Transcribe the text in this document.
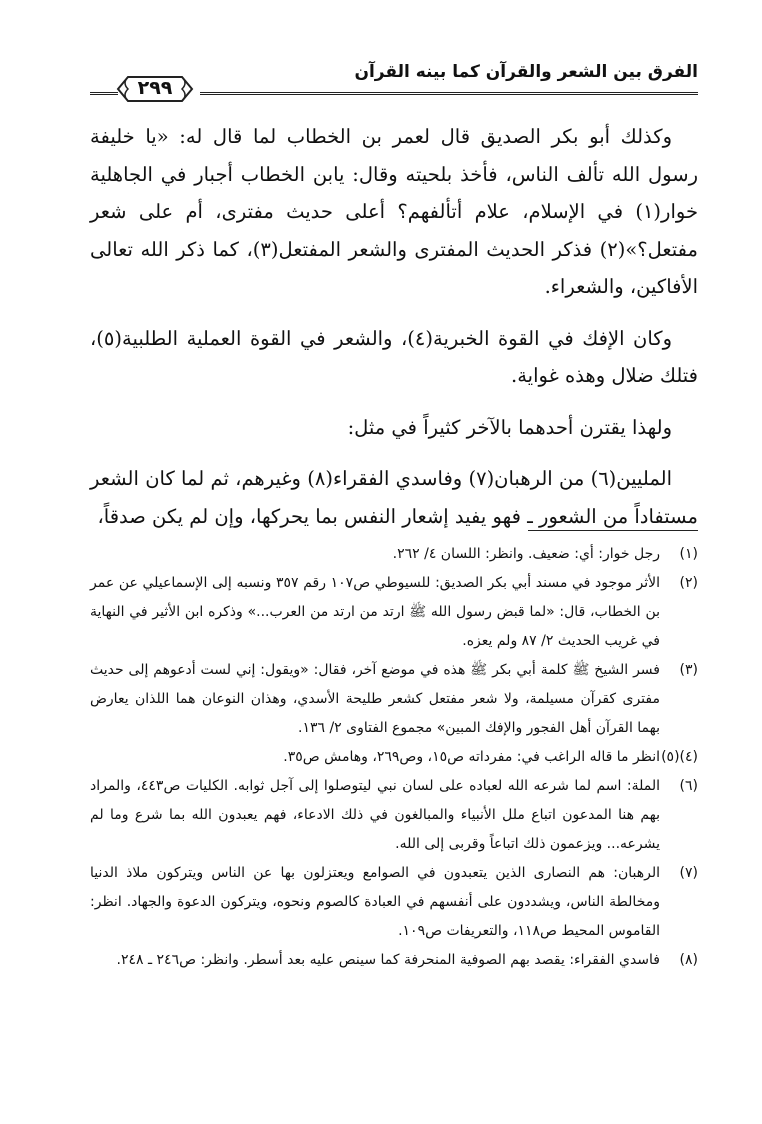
الفرق بين الشعر والقرآن كما بينه القرآن
٢٩٩

وكذلك أبو بكر الصديق قال لعمر بن الخطاب لما قال له: «يا خليفة رسول الله تألف الناس، فأخذ بلحيته وقال: يابن الخطاب أجبار في الجاهلية خوار(١) في الإسلام، علام أتألفهم؟ أعلى حديث مفترى، أم على شعر مفتعل؟»(٢) فذكر الحديث المفترى والشعر المفتعل(٣)، كما ذكر الله تعالى الأفاكين، والشعراء.

وكان الإفك في القوة الخبرية(٤)، والشعر في القوة العملية الطلبية(٥)، فتلك ضلال وهذه غواية.

ولهذا يقترن أحدهما بالآخر كثيراً في مثل:

المليين(٦) من الرهبان(٧) وفاسدي الفقراء(٨) وغيرهم، ثم لما كان الشعر مستفاداً من الشعور ـ فهو يفيد إشعار النفس بما يحركها، وإن لم يكن صدقاً،

(١)
رجل خوار: أي: ضعيف. وانظر: اللسان ٤/ ٢٦٢.
(٢)
الأثر موجود في مسند أبي بكر الصديق: للسيوطي ص١٠٧ رقم ٣٥٧ ونسبه إلى الإسماعيلي عن عمر بن الخطاب، قال: «لما قبض رسول الله ﷺ ارتد من ارتد من العرب...» وذكره ابن الأثير في النهاية في غريب الحديث ٢/ ٨٧ ولم يعزه.
(٣)
فسر الشيخ ﷺ كلمة أبي بكر ﷺ هذه في موضع آخر، فقال: «ويقول: إني لست أدعوهم إلى حديث مفترى كقرآن مسيلمة، ولا شعر مفتعل كشعر طليحة الأسدي، وهذان النوعان هما اللذان يعارض بهما القرآن أهل الفجور والإفك المبين» مجموع الفتاوى ٢/ ١٣٦.
(٤)(٥)
انظر ما قاله الراغب في: مفرداته ص١٥، وص٢٦٩، وهامش ص٣٥.
(٦)
الملة: اسم لما شرعه الله لعباده على لسان نبي ليتوصلوا إلى آجل ثوابه. الكليات ص٤٤٣، والمراد بهم هنا المدعون اتباع ملل الأنبياء والمبالغون في ذلك الادعاء، فهم يعبدون الله بما شرع وما لم يشرعه... ويزعمون ذلك اتباعاً وقربى إلى الله.
(٧)
الرهبان: هم النصارى الذين يتعبدون في الصوامع ويعتزلون بها عن الناس ويتركون ملاذ الدنيا ومخالطة الناس، ويشددون على أنفسهم في العبادة كالصوم ونحوه، ويتركون الدعوة والجهاد. انظر: القاموس المحيط ص١١٨، والتعريفات ص١٠٩.
(٨)
فاسدي الفقراء: يقصد بهم الصوفية المنحرفة كما سينص عليه بعد أسطر. وانظر: ص٢٤٦ ـ ٢٤٨.
